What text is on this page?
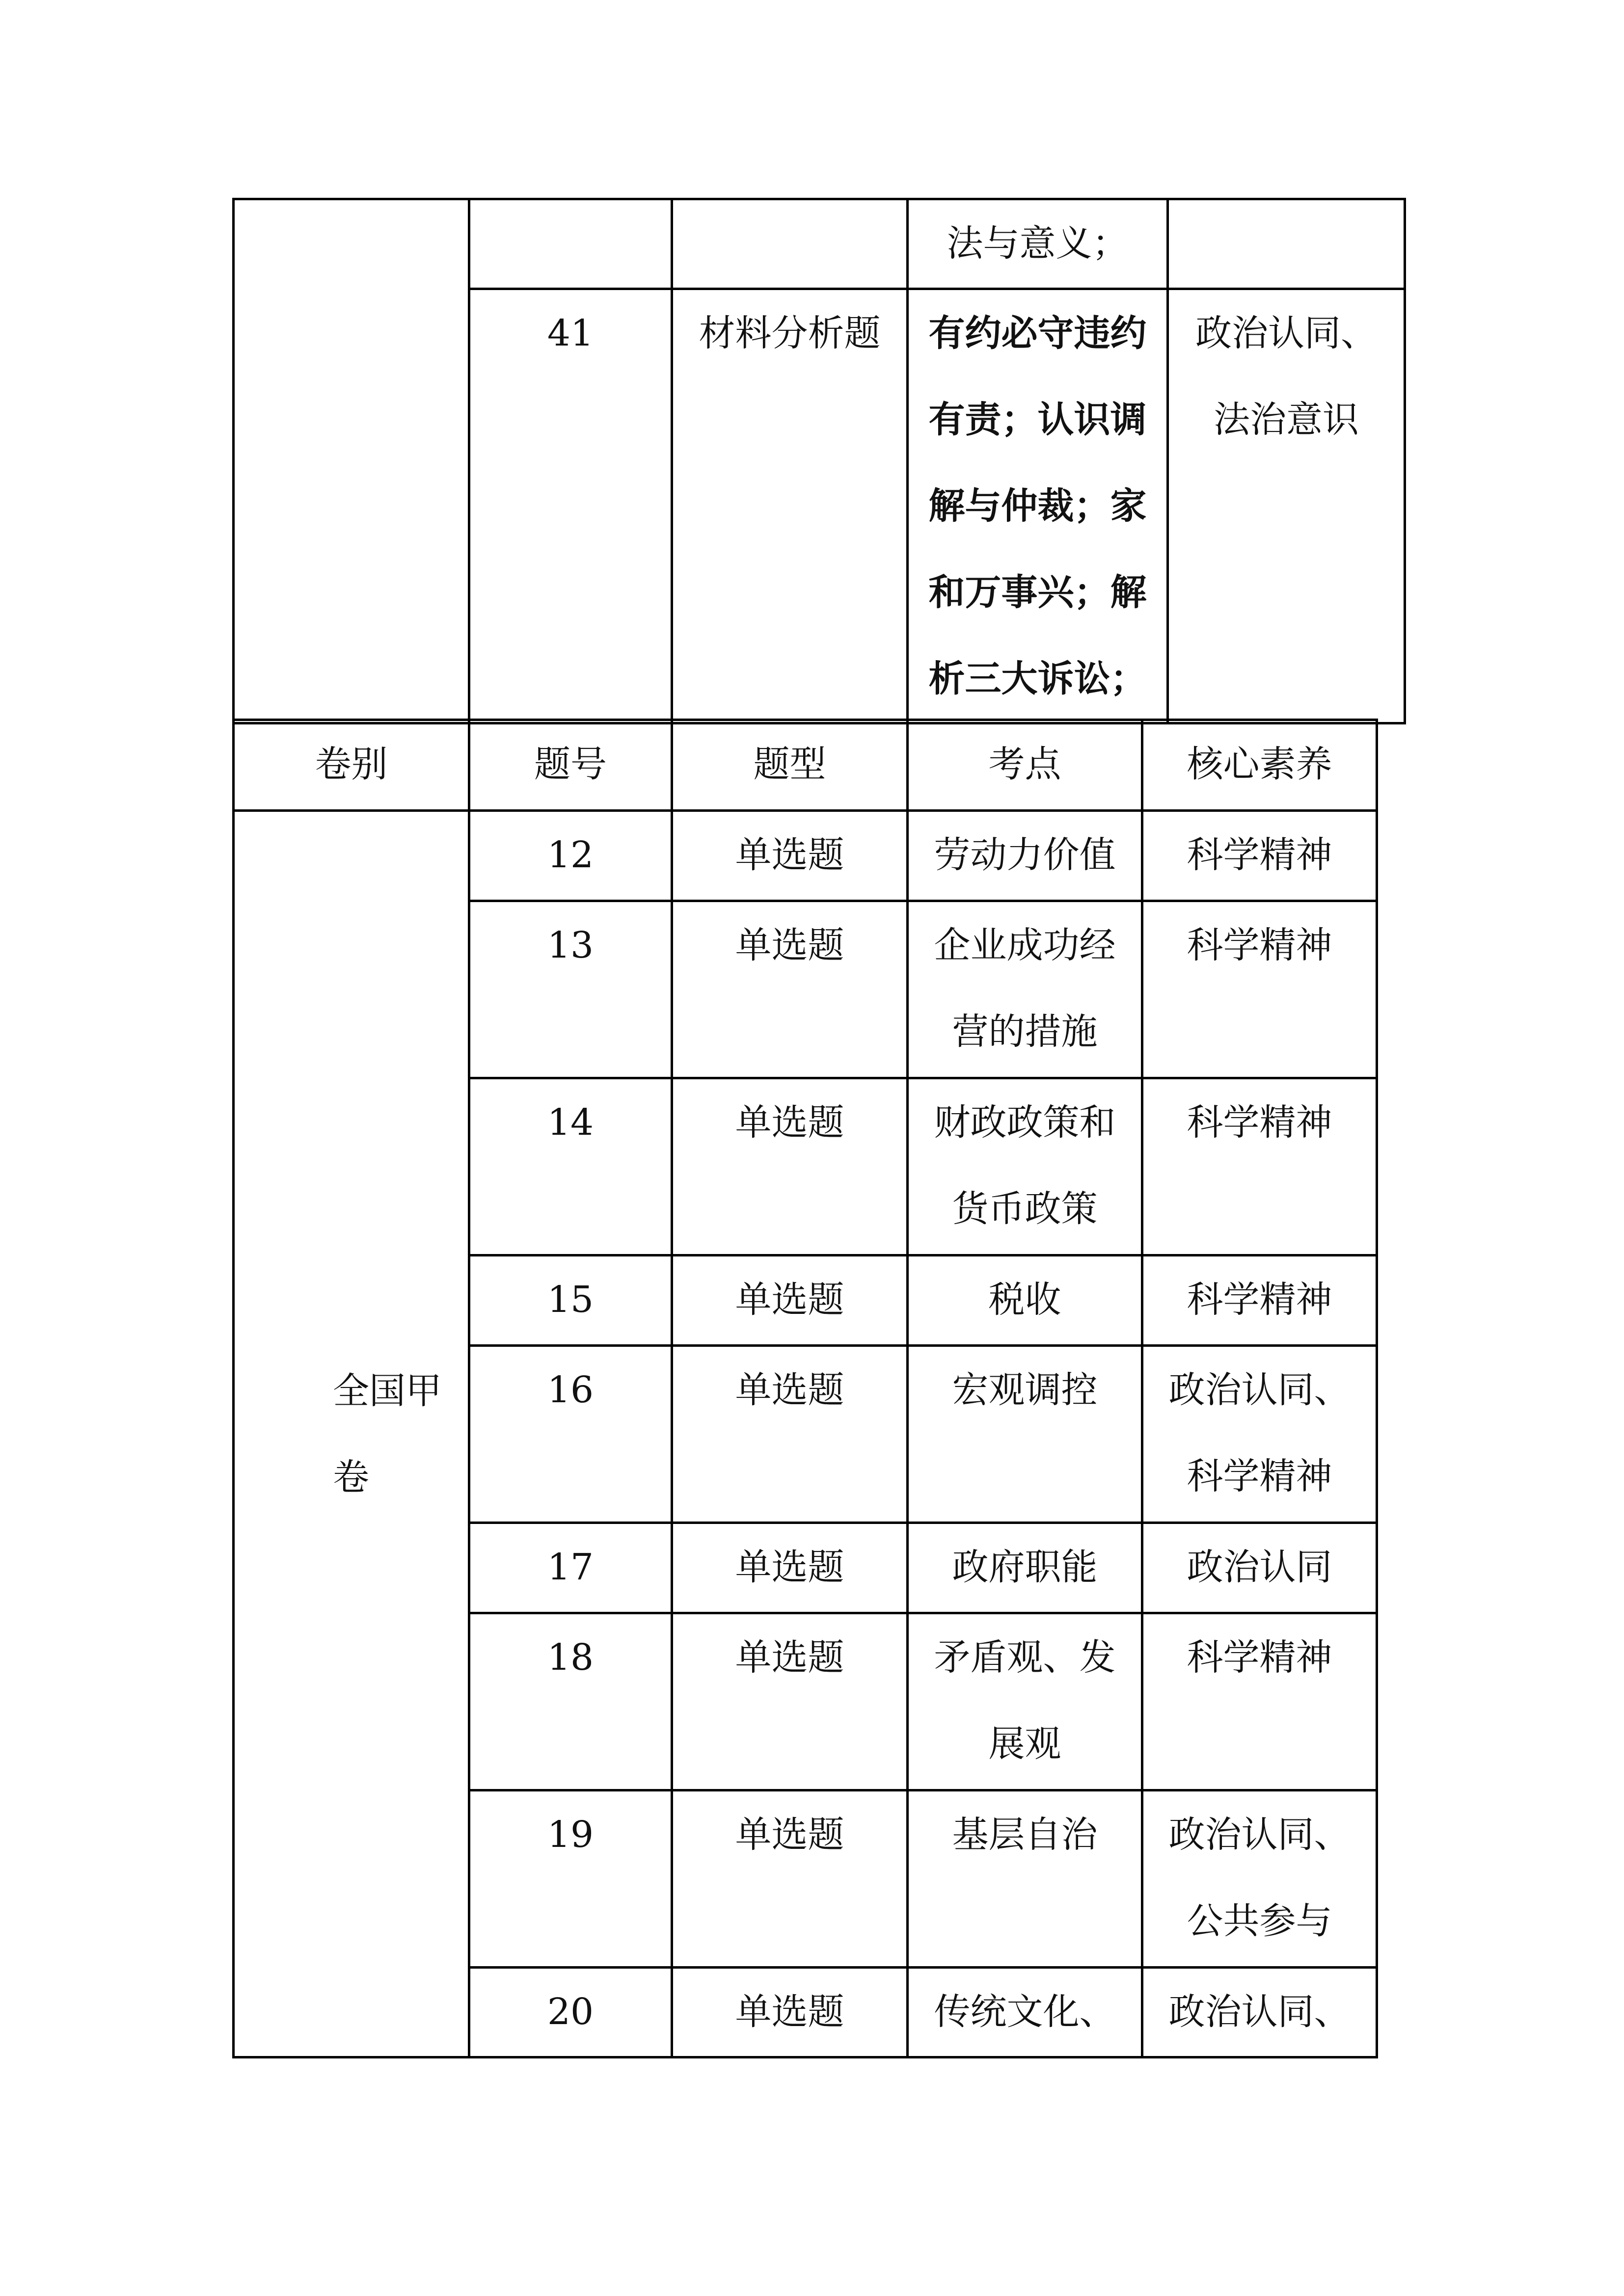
			法与意义；	

	41	材料分析题	有约必守违约有责；认识调解与仲裁；家和万事兴；解析三大诉讼；	政治认同、法治意识
卷别	题号	题型	考点	核心素养

全国甲卷	12	单选题	劳动力价值	科学精神

	13	单选题	企业成功经营的措施	科学精神

	14	单选题	财政政策和货币政策	科学精神

	15	单选题	税收	科学精神

	16	单选题	宏观调控	政治认同、科学精神

	17	单选题	政府职能	政治认同

	18	单选题	矛盾观、发展观	科学精神

	19	单选题	基层自治	政治认同、公共参与

	20	单选题	传统文化、	政治认同、
